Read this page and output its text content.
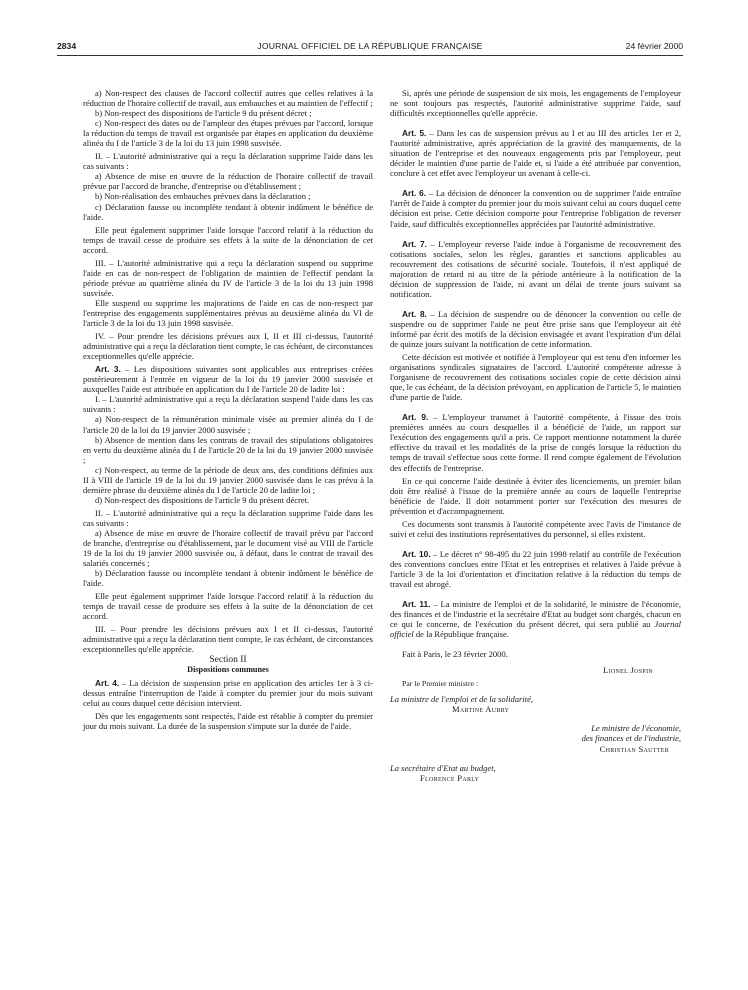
2834	JOURNAL OFFICIEL DE LA RÉPUBLIQUE FRANÇAISE	24 février 2000

a) Non-respect des clauses de l'accord collectif autres que celles relatives à la réduction de l'horaire collectif de travail, aux embauches et au maintien de l'effectif ;

b) Non-respect des dispositions de l'article 9 du présent décret ;

c) Non-respect des dates ou de l'ampleur des étapes prévues par l'accord, lorsque la réduction du temps de travail est organisée par étapes en application du deuxième alinéa du I de l'article 3 de la loi du 13 juin 1998 susvisée.

II. – L'autorité administrative qui a reçu la déclaration supprime l'aide dans les cas suivants :

a) Absence de mise en œuvre de la réduction de l'horaire collectif de travail prévue par l'accord de branche, d'entreprise ou d'établissement ;

b) Non-réalisation des embauches prévues dans la déclaration ;

c) Déclaration fausse ou incomplète tendant à obtenir indûment le bénéfice de l'aide.

Elle peut également supprimer l'aide lorsque l'accord relatif à la réduction du temps de travail cesse de produire ses effets à la suite de la dénonciation de cet accord.

III. – L'autorité administrative qui a reçu la déclaration suspend ou supprime l'aide en cas de non-respect de l'obligation de maintien de l'effectif pendant la période prévue au quatrième alinéa du IV de l'article 3 de la loi du 13 juin 1998 susvisée.

Elle suspend ou supprime les majorations de l'aide en cas de non-respect par l'entreprise des engagements supplémentaires prévus au deuxième alinéa du VI de l'article 3 de la loi du 13 juin 1998 susvisée.

IV. – Pour prendre les décisions prévues aux I, II et III ci-dessus, l'autorité administrative qui a reçu la déclaration tient compte, le cas échéant, de circonstances exceptionnelles qu'elle apprécie.

Art. 3. – Les dispositions suivantes sont applicables aux entreprises créées postérieurement à l'entrée en vigueur de la loi du 19 janvier 2000 susvisée et auxquelles l'aide est attribuée en application du I de l'article 20 de ladite loi :

I. – L'autorité administrative qui a reçu la déclaration suspend l'aide dans les cas suivants :

a) Non-respect de la rémunération minimale visée au premier alinéa du I de l'article 20 de la loi du 19 janvier 2000 susvisée ;

b) Absence de mention dans les contrats de travail des stipulations obligatoires en vertu du deuxième alinéa du I de l'article 20 de la loi du 19 janvier 2000 susvisée ;

c) Non-respect, au terme de la période de deux ans, des conditions définies aux II à VIII de l'article 19 de la loi du 19 janvier 2000 susvisée dans le cas prévu à la dernière phrase du deuxième alinéa du I de l'article 20 de ladite loi ;

d) Non-respect des dispositions de l'article 9 du présent décret.

II. – L'autorité administrative qui a reçu la déclaration supprime l'aide dans les cas suivants :

a) Absence de mise en œuvre de l'horaire collectif de travail prévu par l'accord de branche, d'entreprise ou d'établissement, par le document visé au VIII de l'article 19 de la loi du 19 janvier 2000 susvisée ou, à défaut, dans le contrat de travail des salariés concernés ;

b) Déclaration fausse ou incomplète tendant à obtenir indûment le bénéfice de l'aide.

Elle peut également supprimer l'aide lorsque l'accord relatif à la réduction du temps de travail cesse de produire ses effets à la suite de la dénonciation de cet accord.

III. – Pour prendre les décisions prévues aux I et II ci-dessus, l'autorité administrative qui a reçu la déclaration tient compte, le cas échéant, de circonstances exceptionnelles qu'elle apprécie.

Section II

Dispositions communes

Art. 4. – La décision de suspension prise en application des articles 1er à 3 ci-dessus entraîne l'interruption de l'aide à compter du premier jour du mois suivant celui au cours duquel cette décision intervient.

Dès que les engagements sont respectés, l'aide est rétablie à compter du premier jour du mois suivant. La durée de la suspension s'impute sur la durée de l'aide.

Si, après une période de suspension de six mois, les engagements de l'employeur ne sont toujours pas respectés, l'autorité administrative supprime l'aide, sauf difficultés exceptionnelles qu'elle apprécie.

Art. 5. – Dans les cas de suspension prévus au I et au III des articles 1er et 2, l'autorité administrative, après appréciation de la gravité des manquements, de la situation de l'entreprise et des nouveaux engagements pris par l'employeur, peut décider le maintien d'une partie de l'aide et, si l'aide a été attribuée par convention, conclure à cet effet avec l'employeur un avenant à celle-ci.

Art. 6. – La décision de dénoncer la convention ou de supprimer l'aide entraîne l'arrêt de l'aide à compter du premier jour du mois suivant celui au cours duquel cette décision est prise. Cette décision comporte pour l'entreprise l'obligation de reverser l'aide, sauf difficultés exceptionnelles appréciées par l'autorité administrative.

Art. 7. – L'employeur reverse l'aide indue à l'organisme de recouvrement des cotisations sociales, selon les règles, garanties et sanctions applicables au recouvrement des cotisations de sécurité sociale. Toutefois, il n'est appliqué de majoration de retard ni au titre de la période antérieure à la notification de la décision de suppression de l'aide, ni avant un délai de trente jours suivant sa notification.

Art. 8. – La décision de suspendre ou de dénoncer la convention ou celle de suspendre ou de supprimer l'aide ne peut être prise sans que l'employeur ait été informé par écrit des motifs de la décision envisagée et avant l'expiration d'un délai de quinze jours suivant la notification de cette information.

Cette décision est motivée et notifiée à l'employeur qui est tenu d'en informer les organisations syndicales signataires de l'accord. L'autorité compétente adresse à l'organisme de recouvrement des cotisations sociales copie de cette décision ainsi que, le cas échéant, de la décision prévoyant, en application de l'article 5, le maintien d'une partie de l'aide.

Art. 9. – L'employeur transmet à l'autorité compétente, à l'issue des trois premières années au cours desquelles il a bénéficié de l'aide, un rapport sur l'exécution des engagements qu'il a pris. Ce rapport mentionne notamment la durée effective du travail et les modalités de la prise de congés lorsque la réduction du temps de travail s'effectue sous cette forme. Il rend compte également de l'évolution des effectifs de l'entreprise.

En ce qui concerne l'aide destinée à éviter des licenciements, un premier bilan doit être réalisé à l'issue de la première année au cours de laquelle l'entreprise bénéficie de l'aide. Il doit notamment porter sur l'exécution des mesures de prévention et d'accompagnement.

Ces documents sont transmis à l'autorité compétente avec l'avis de l'instance de suivi et celui des institutions représentatives du personnel, si elles existent.

Art. 10. – Le décret n° 98-495 du 22 juin 1998 relatif au contrôle de l'exécution des conventions conclues entre l'Etat et les entreprises et relatives à l'aide prévue à l'article 3 de la loi d'orientation et d'incitation relative à la réduction du temps de travail est abrogé.

Art. 11. – La ministre de l'emploi et de la solidarité, le ministre de l'économie, des finances et de l'industrie et la secrétaire d'Etat au budget sont chargés, chacun en ce qui le concerne, de l'exécution du présent décret, qui sera publié au Journal officiel de la République française.

Fait à Paris, le 23 février 2000.

Lionel Jospin

Par le Premier ministre :

La ministre de l'emploi et de la solidarité,

Martine Aubry

Le ministre de l'économie,

des finances et de l'industrie,

Christian Sautter

La secrétaire d'Etat au budget,

Florence Parly
